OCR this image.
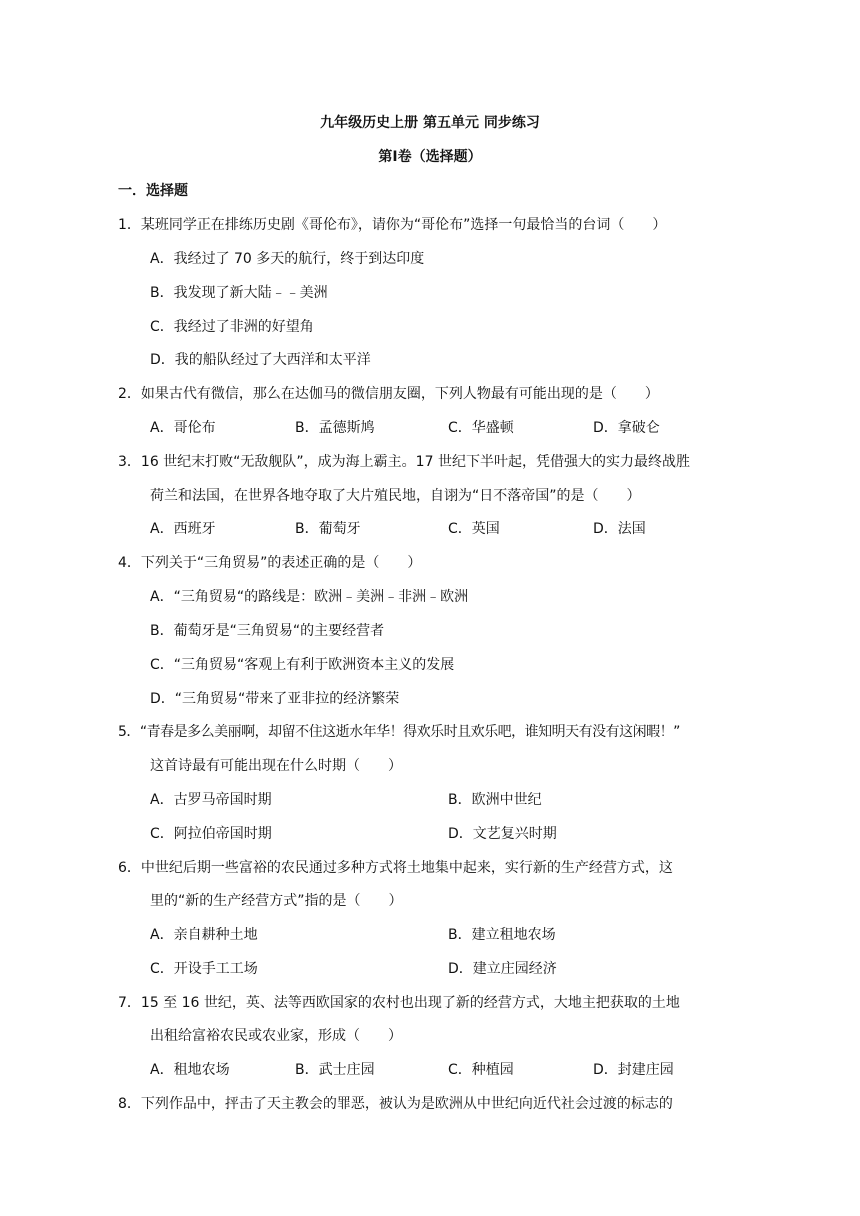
九年级历史上册 第五单元 同步练习
第Ⅰ卷（选择题）
一．选择题
1．某班同学正在排练历史剧《哥伦布》，请你为“哥伦布”选择一句最恰当的台词（　　）
A．我经过了 70 多天的航行，终于到达印度
B．我发现了新大陆﹣﹣美洲
C．我经过了非洲的好望角
D．我的船队经过了大西洋和太平洋
2．如果古代有微信，那么在达伽马的微信朋友圈，下列人物最有可能出现的是（　　）
A．哥伦布	B．孟德斯鸠	C．华盛顿	D．拿破仑
3．16 世纪末打败“无敌舰队”，成为海上霸主。17 世纪下半叶起，凭借强大的实力最终战胜
荷兰和法国，在世界各地夺取了大片殖民地，自诩为“日不落帝国”的是（　　）
A．西班牙	B．葡萄牙	C．英国	D．法国
4．下列关于“三角贸易”的表述正确的是（　　）
A．“三角贸易“的路线是：欧洲﹣美洲﹣非洲﹣欧洲
B．葡萄牙是“三角贸易“的主要经营者
C．“三角贸易“客观上有利于欧洲资本主义的发展
D．“三角贸易“带来了亚非拉的经济繁荣
5．“青春是多么美丽啊，却留不住这逝水年华！得欢乐时且欢乐吧，谁知明天有没有这闲暇！”
这首诗最有可能出现在什么时期（　　）
A．古罗马帝国时期	B．欧洲中世纪
C．阿拉伯帝国时期	D．文艺复兴时期
6．中世纪后期一些富裕的农民通过多种方式将土地集中起来，实行新的生产经营方式，这
里的“新的生产经营方式”指的是（　　）
A．亲自耕种土地	B．建立租地农场
C．开设手工工场	D．建立庄园经济
7．15 至 16 世纪，英、法等西欧国家的农村也出现了新的经营方式，大地主把获取的土地
出租给富裕农民或农业家，形成（　　）
A．租地农场	B．武士庄园	C．种植园	D．封建庄园
8．下列作品中，抨击了天主教会的罪恶，被认为是欧洲从中世纪向近代社会过渡的标志的
